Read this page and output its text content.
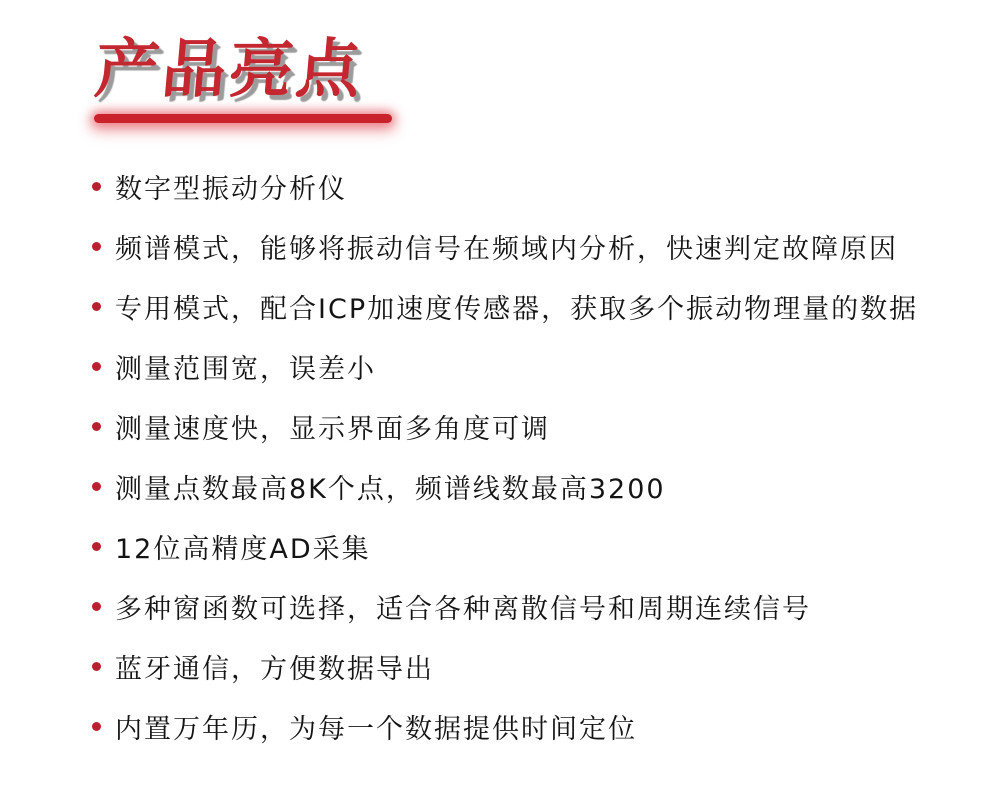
产品亮点
数字型振动分析仪
频谱模式，能够将振动信号在频域内分析，快速判定故障原因
专用模式，配合ICP加速度传感器，获取多个振动物理量的数据
测量范围宽，误差小
测量速度快，显示界面多角度可调
测量点数最高8K个点，频谱线数最高3200
12位高精度AD采集
多种窗函数可选择，适合各种离散信号和周期连续信号
蓝牙通信，方便数据导出
内置万年历，为每一个数据提供时间定位
